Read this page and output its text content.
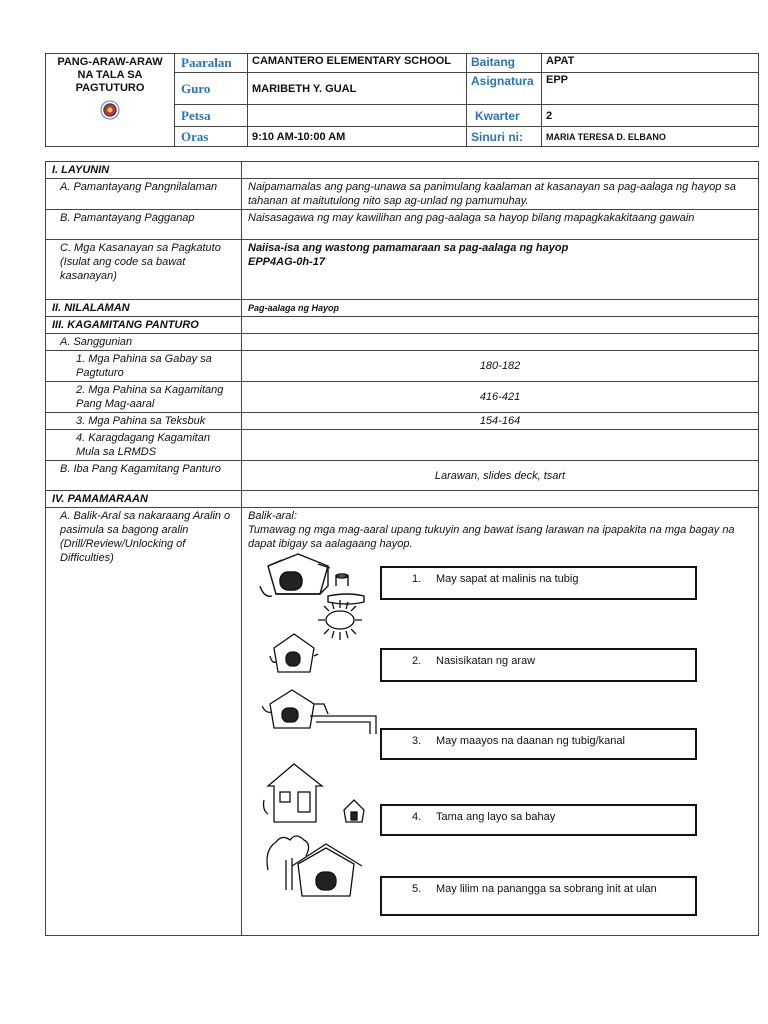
PANG-ARAW-ARAW NA TALA SA PAGTUTURO	Paaralan	CAMANTERO ELEMENTARY SCHOOL	Baitang	APAT
	Guro	MARIBETH Y. GUAL	Asignatura	EPP
	Petsa		Kwarter	2
	Oras	9:10 AM-10:00 AM	Sinuri ni:	MARIA TERESA D. ELBANO
I. LAYUNIN	
A. Pamantayang Pangnilalaman	Naipamamalas ang pang-unawa sa panimulang kaalaman at kasanayan sa pag-aalaga ng hayop sa tahanan at maitutulong nito sap ag-unlad ng pamumuhay.
B. Pamantayang Pagganap	Naisasagawa ng may kawilihan ang pag-aalaga sa hayop bilang mapagkakakitaang gawain
C. Mga Kasanayan sa Pagkatuto (Isulat ang code sa bawat kasanayan)	Naiisa-isa ang wastong pamamaraan sa pag-aalaga ng hayop
EPP4AG-0h-17

II. NILALAMAN	Pag-aalaga ng Hayop
III. KAGAMITANG PANTURO	
A. Sanggunian	
1. Mga Pahina sa Gabay sa Pagtuturo	180-182
2. Mga Pahina sa Kagamitang Pang Mag-aaral	416-421
3. Mga Pahina sa Teksbuk	154-164
4. Karagdagang Kagamitan Mula sa LRMDS	
B. Iba Pang Kagamitang Panturo	Larawan, slides deck, tsart
IV. PAMAMARAAN	
A. Balik-Aral sa nakaraang Aralin o pasimula sa bagong aralin (Drill/Review/Unlocking of Difficulties)	Balik-aral:
Tumawag ng mga mag-aaral upang tukuyin ang bawat isang larawan na ipapakita na mga bagay na dapat ibigay sa aalagaang hayop.
1.	May sapat at malinis na tubig
2.	Nasisikatan ng araw
3.	May maayos na daanan ng tubig/kanal
4.	Tama ang layo sa bahay
5.	May lilim na panangga sa sobrang init at ulan
